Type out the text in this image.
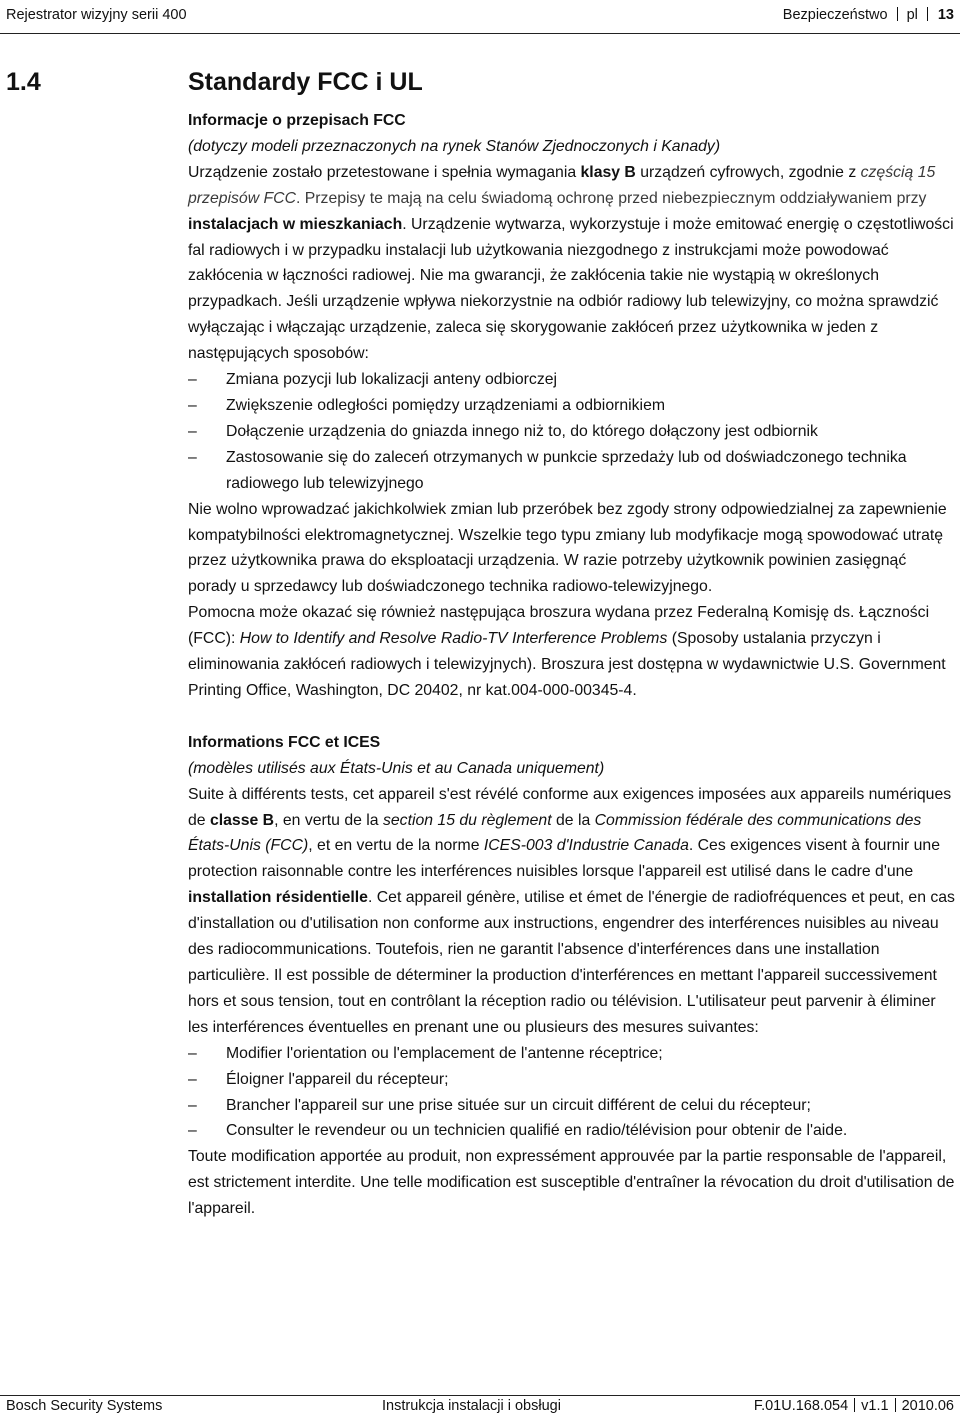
Rejestrator wizyjny serii 400	Bezpieczeństwo pl 13
1.4	Standardy FCC i UL

Informacje o przepisach FCC

(dotyczy modeli przeznaczonych na rynek Stanów Zjednoczonych i Kanady)

Urządzenie zostało przetestowane i spełnia wymagania klasy B urządzeń cyfrowych, zgodnie z częścią 15 przepisów FCC. Przepisy te mają na celu świadomą ochronę przed niebezpiecznym oddziaływaniem przy instalacjach w mieszkaniach. Urządzenie wytwarza, wykorzystuje i może emitować energię o częstotliwości fal radiowych i w przypadku instalacji lub użytkowania niezgodnego z instrukcjami może powodować zakłócenia w łączności radiowej. Nie ma gwarancji, że zakłócenia takie nie wystąpią w określonych przypadkach. Jeśli urządzenie wpływa niekorzystnie na odbiór radiowy lub telewizyjny, co można sprawdzić wyłączając i włączając urządzenie, zaleca się skorygowanie zakłóceń przez użytkownika w jeden z następujących sposobów:

– Zmiana pozycji lub lokalizacji anteny odbiorczej
– Zwiększenie odległości pomiędzy urządzeniami a odbiornikiem
– Dołączenie urządzenia do gniazda innego niż to, do którego dołączony jest odbiornik
– Zastosowanie się do zaleceń otrzymanych w punkcie sprzedaży lub od doświadczonego technika radiowego lub telewizyjnego

Nie wolno wprowadzać jakichkolwiek zmian lub przeróbek bez zgody strony odpowiedzialnej za zapewnienie kompatybilności elektromagnetycznej. Wszelkie tego typu zmiany lub modyfikacje mogą spowodować utratę przez użytkownika prawa do eksploatacji urządzenia. W razie potrzeby użytkownik powinien zasięgnąć porady u sprzedawcy lub doświadczonego technika radiowo-telewizyjnego.

Pomocna może okazać się również następująca broszura wydana przez Federalną Komisję ds. Łączności (FCC): How to Identify and Resolve Radio-TV Interference Problems (Sposoby ustalania przyczyn i eliminowania zakłóceń radiowych i telewizyjnych). Broszura jest dostępna w wydawnictwie U.S. Government Printing Office, Washington, DC 20402, nr kat.004-000-00345-4.

Informations FCC et ICES

(modèles utilisés aux États-Unis et au Canada uniquement)

Suite à différents tests, cet appareil s'est révélé conforme aux exigences imposées aux appareils numériques de classe B, en vertu de la section 15 du règlement de la Commission fédérale des communications des États-Unis (FCC), et en vertu de la norme ICES-003 d'Industrie Canada. Ces exigences visent à fournir une protection raisonnable contre les interférences nuisibles lorsque l'appareil est utilisé dans le cadre d'une installation résidentielle. Cet appareil génère, utilise et émet de l'énergie de radiofréquences et peut, en cas d'installation ou d'utilisation non conforme aux instructions, engendrer des interférences nuisibles au niveau des radiocommunications. Toutefois, rien ne garantit l'absence d'interférences dans une installation particulière. Il est possible de déterminer la production d'interférences en mettant l'appareil successivement hors et sous tension, tout en contrôlant la réception radio ou télévision. L'utilisateur peut parvenir à éliminer les interférences éventuelles en prenant une ou plusieurs des mesures suivantes:

– Modifier l'orientation ou l'emplacement de l'antenne réceptrice;
– Éloigner l'appareil du récepteur;
– Brancher l'appareil sur une prise située sur un circuit différent de celui du récepteur;
– Consulter le revendeur ou un technicien qualifié en radio/télévision pour obtenir de l'aide.

Toute modification apportée au produit, non expressément approuvée par la partie responsable de l'appareil, est strictement interdite. Une telle modification est susceptible d'entraîner la révocation du droit d'utilisation de l'appareil.

Bosch Security Systems	Instrukcja instalacji i obsługi	F.01U.168.054 v1.1 2010.06
